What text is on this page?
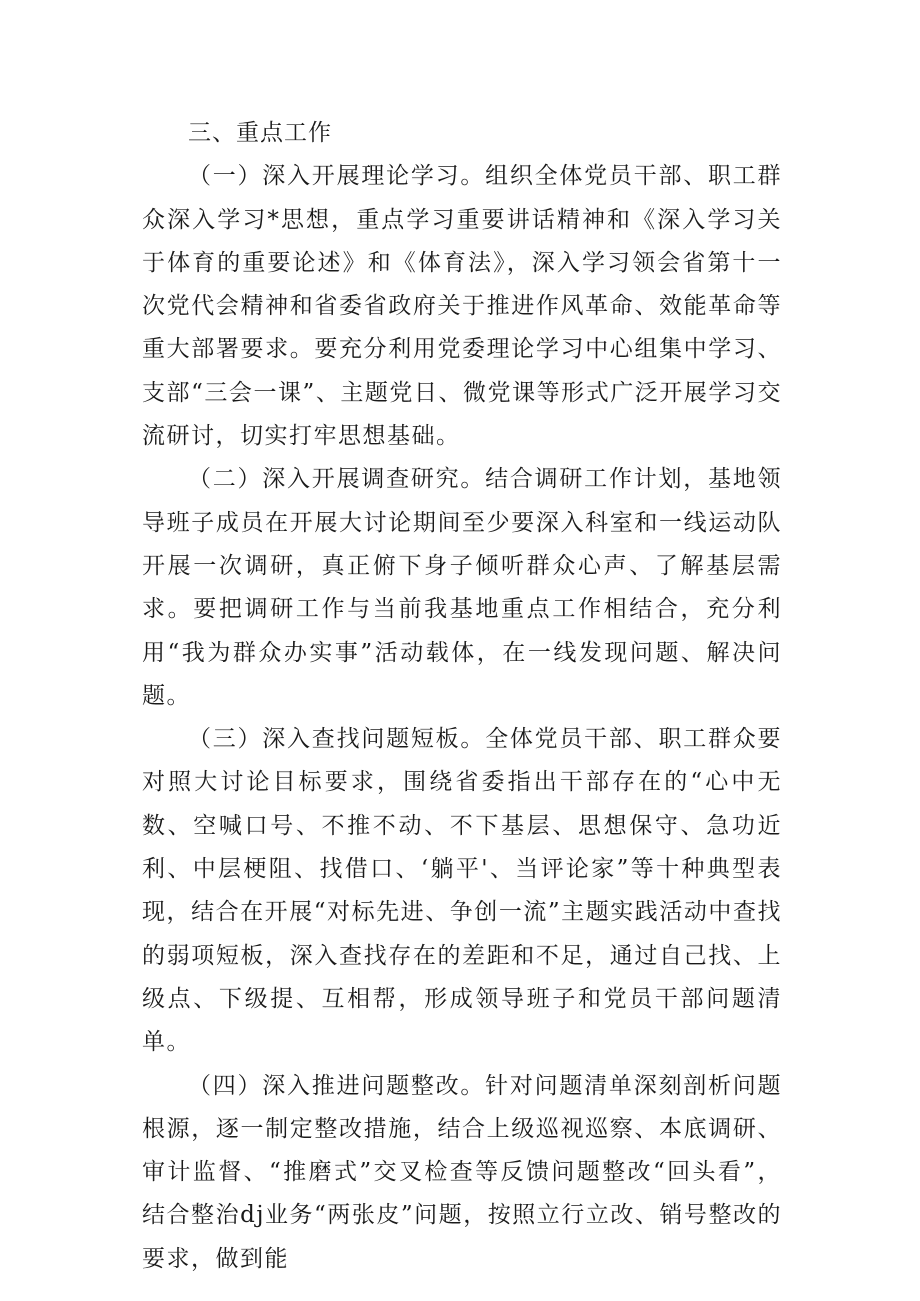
三、重点工作

（一）深入开展理论学习。组织全体党员干部、职工群众深入学习*思想，重点学习重要讲话精神和《深入学习关于体育的重要论述》和《体育法》，深入学习领会省第十一次党代会精神和省委省政府关于推进作风革命、效能革命等重大部署要求。要充分利用党委理论学习中心组集中学习、支部“三会一课”、主题党日、微党课等形式广泛开展学习交流研讨，切实打牢思想基础。

（二）深入开展调查研究。结合调研工作计划，基地领导班子成员在开展大讨论期间至少要深入科室和一线运动队开展一次调研，真正俯下身子倾听群众心声、了解基层需求。要把调研工作与当前我基地重点工作相结合，充分利用“我为群众办实事”活动载体，在一线发现问题、解决问题。

（三）深入查找问题短板。全体党员干部、职工群众要对照大讨论目标要求，围绕省委指出干部存在的“心中无数、空喊口号、不推不动、不下基层、思想保守、急功近利、中层梗阻、找借口、‘躺平'、当评论家”等十种典型表现，结合在开展“对标先进、争创一流”主题实践活动中查找的弱项短板，深入查找存在的差距和不足，通过自己找、上级点、下级提、互相帮，形成领导班子和党员干部问题清单。

（四）深入推进问题整改。针对问题清单深刻剖析问题根源，逐一制定整改措施，结合上级巡视巡察、本底调研、审计监督、“推磨式”交叉检查等反馈问题整改“回头看”，结合整治dj业务“两张皮”问题，按照立行立改、销号整改的要求，做到能
